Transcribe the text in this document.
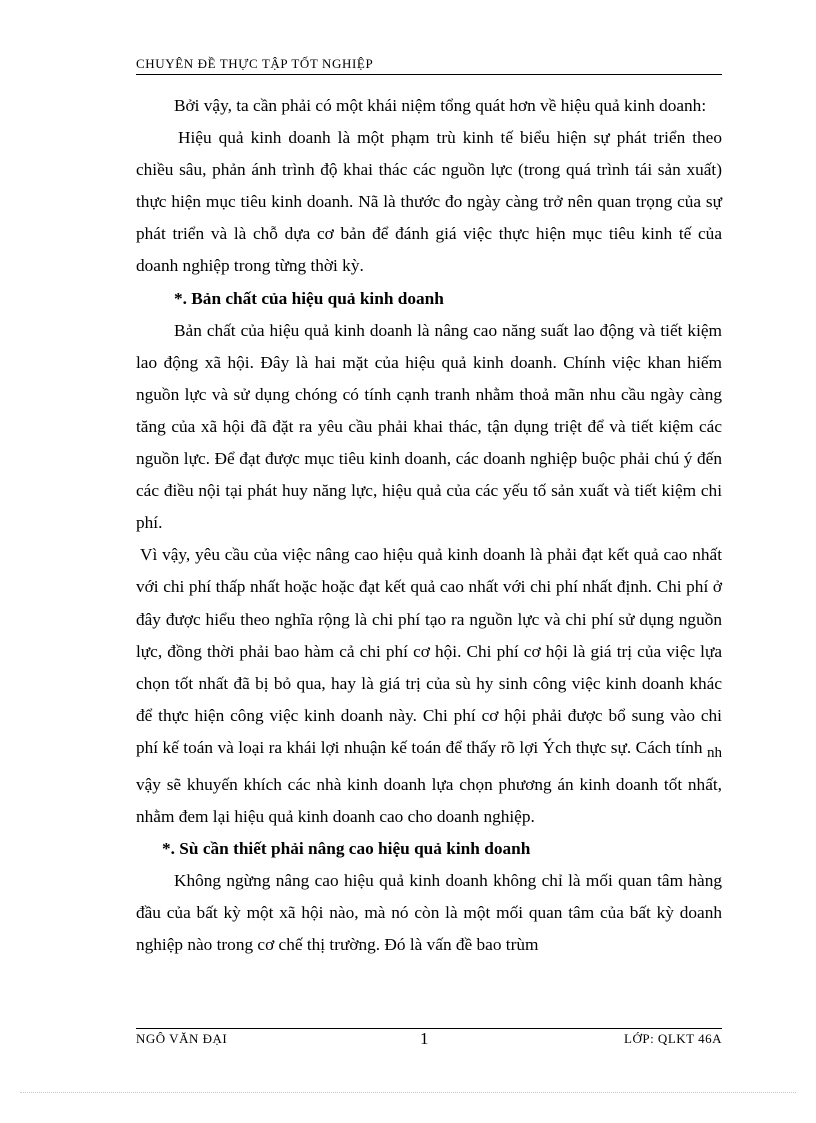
CHUYÊN ĐỀ THỰC TẬP TỐT NGHIỆP

Bởi vậy, ta cần phải có một khái niệm tổng quát hơn về hiệu quả kinh doanh:

Hiệu quả kinh doanh là một phạm trù kinh tế biểu hiện sự phát triển theo chiều sâu, phản ánh trình độ khai thác các nguồn lực (trong quá trình tái sản xuất) thực hiện mục tiêu kinh doanh. Nã là thước đo ngày càng trở nên quan trọng của sự phát triển và là chỗ dựa cơ bản để đánh giá việc thực hiện mục tiêu kinh tế của doanh nghiệp trong từng thời kỳ.

*. Bản chất của hiệu quả kinh doanh

Bản chất của hiệu quả kinh doanh là nâng cao năng suất lao động và tiết kiệm lao động xã hội. Đây là hai mặt của hiệu quả kinh doanh. Chính việc khan hiếm nguồn lực và sử dụng chóng có tính cạnh tranh nhằm thoả mãn nhu cầu ngày càng tăng của xã hội đã đặt ra yêu cầu phải khai thác, tận dụng triệt để và tiết kiệm các nguồn lực. Để đạt được mục tiêu kinh doanh, các doanh nghiệp buộc phải chú ý đến các điều nội tại phát huy năng lực, hiệu quả của các yếu tố sản xuất và tiết kiệm chi phí.

Vì vậy, yêu cầu của việc nâng cao hiệu quả kinh doanh là phải đạt kết quả cao nhất với chi phí thấp nhất hoặc hoặc đạt kết quả cao nhất với chi phí nhất định. Chi phí ở đây được hiểu theo nghĩa rộng là chi phí tạo ra nguồn lực và chi phí sử dụng nguồn lực, đồng thời phải bao hàm cả chi phí cơ hội. Chi phí cơ hội là giá trị của việc lựa chọn tốt nhất đã bị bỏ qua, hay là giá trị của sù hy sinh công việc kinh doanh khác để thực hiện công việc kinh doanh này. Chi phí cơ hội phải được bổ sung vào chi phí kế toán và loại ra khái lợi nhuận kế toán để thấy rõ lợi Ých thực sự. Cách tính nh vậy sẽ khuyến khích các nhà kinh doanh lựa chọn phương án kinh doanh tốt nhất, nhằm đem lại hiệu quả kinh doanh cao cho doanh nghiệp.

*. Sù cần thiết phải nâng cao hiệu quả kinh doanh

Không ngừng nâng cao hiệu quả kinh doanh không chỉ là mối quan tâm hàng đầu của bất kỳ một xã hội nào, mà nó còn là một mối quan tâm của bất kỳ doanh nghiệp nào trong cơ chế thị trường. Đó là vấn đề bao trùm

NGÔ VĂN ĐẠI	1	LỚP: QLKT 46A
